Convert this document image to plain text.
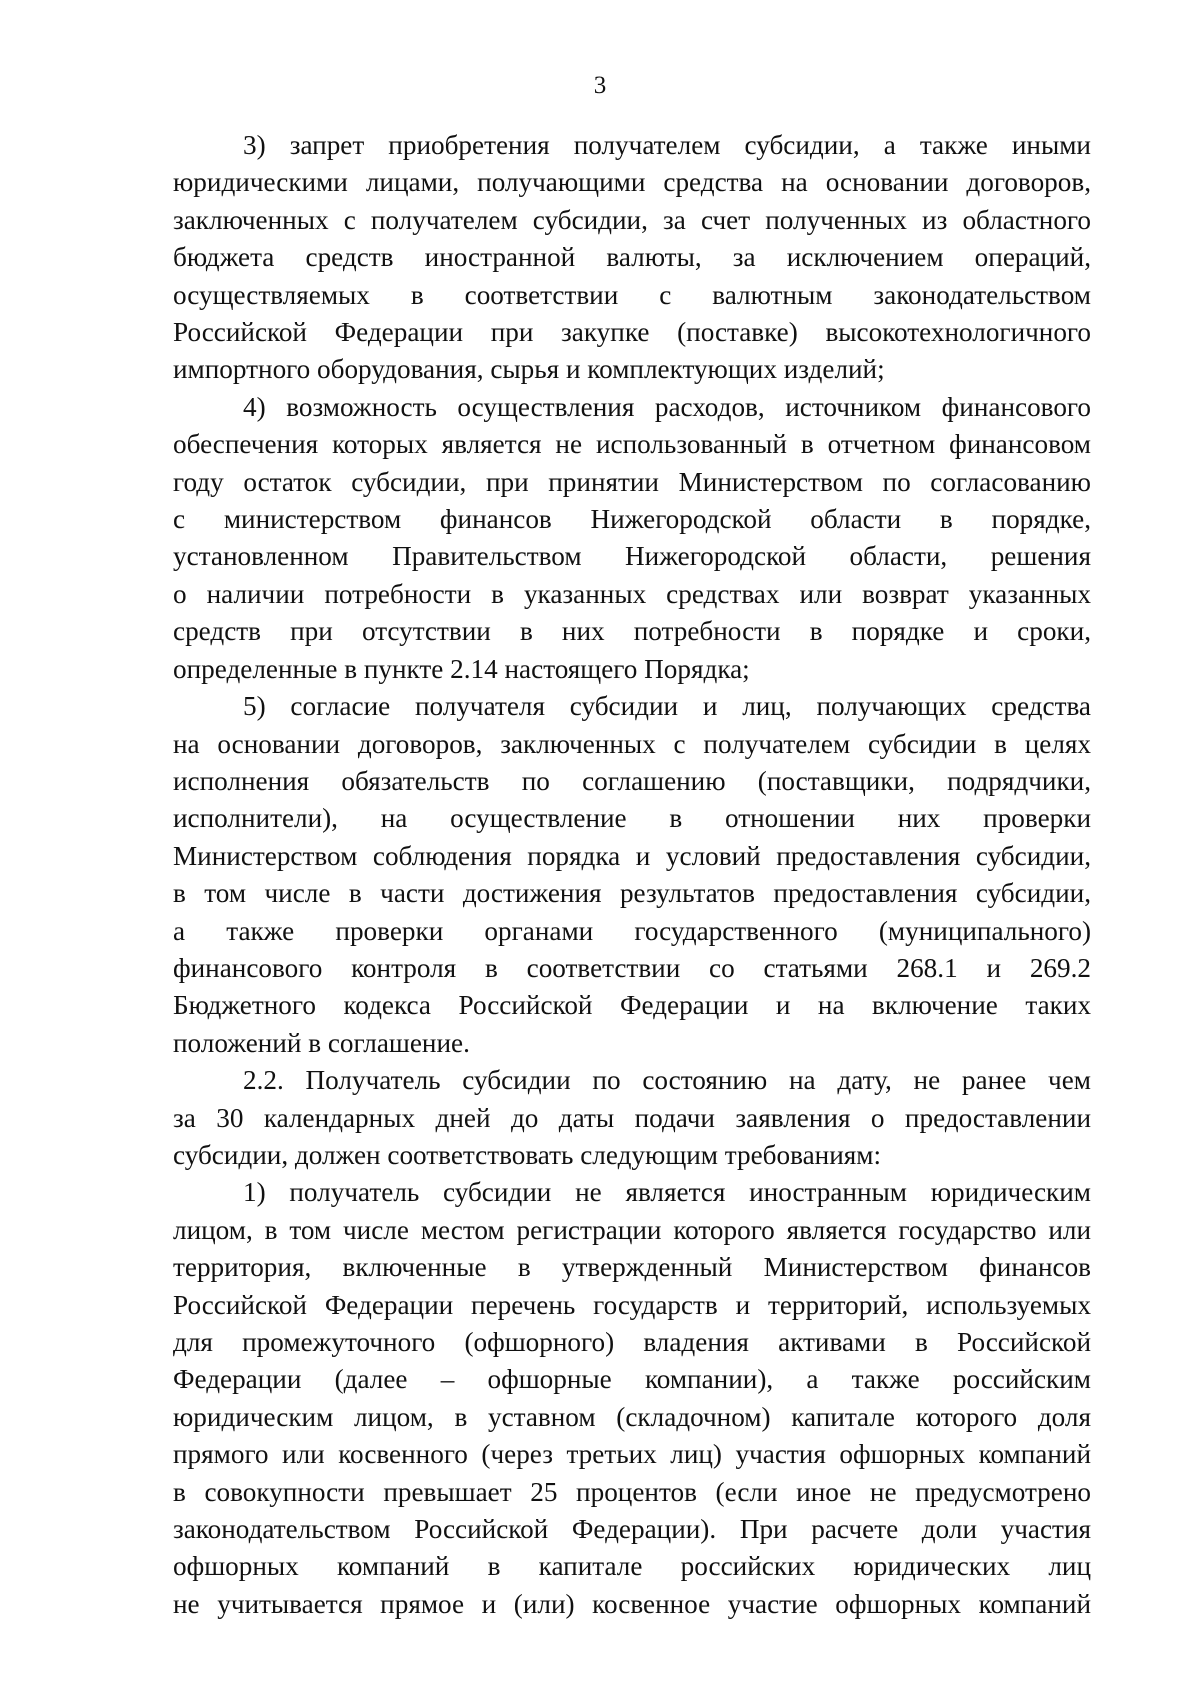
3

3) запрет приобретения получателем субсидии, а также иными

юридическими лицами, получающими средства на основании договоров,

заключенных с получателем субсидии, за счет полученных из областного

бюджета средств иностранной валюты, за исключением операций,

осуществляемых в соответствии с валютным законодательством

Российской Федерации при закупке (поставке) высокотехнологичного

импортного оборудования, сырья и комплектующих изделий;

4) возможность осуществления расходов, источником финансового

обеспечения которых является не использованный в отчетном финансовом

году остаток субсидии, при принятии Министерством по согласованию

с министерством финансов Нижегородской области в порядке,

установленном Правительством Нижегородской области, решения

о наличии потребности в указанных средствах или возврат указанных

средств при отсутствии в них потребности в порядке и сроки,

определенные в пункте 2.14 настоящего Порядка;

5) согласие получателя субсидии и лиц, получающих средства

на основании договоров, заключенных с получателем субсидии в целях

исполнения обязательств по соглашению (поставщики, подрядчики,

исполнители), на осуществление в отношении них проверки

Министерством соблюдения порядка и условий предоставления субсидии,

в том числе в части достижения результатов предоставления субсидии,

а также проверки органами государственного (муниципального)

финансового контроля в соответствии со статьями 268.1 и 269.2

Бюджетного кодекса Российской Федерации и на включение таких

положений в соглашение.

2.2. Получатель субсидии по состоянию на дату, не ранее чем

за 30 календарных дней до даты подачи заявления о предоставлении

субсидии, должен соответствовать следующим требованиям:

1) получатель субсидии не является иностранным юридическим

лицом, в том числе местом регистрации которого является государство или

территория, включенные в утвержденный Министерством финансов

Российской Федерации перечень государств и территорий, используемых

для промежуточного (офшорного) владения активами в Российской

Федерации (далее – офшорные компании), а также российским

юридическим лицом, в уставном (складочном) капитале которого доля

прямого или косвенного (через третьих лиц) участия офшорных компаний

в совокупности превышает 25 процентов (если иное не предусмотрено

законодательством Российской Федерации). При расчете доли участия

офшорных компаний в капитале российских юридических лиц

не учитывается прямое и (или) косвенное участие офшорных компаний
